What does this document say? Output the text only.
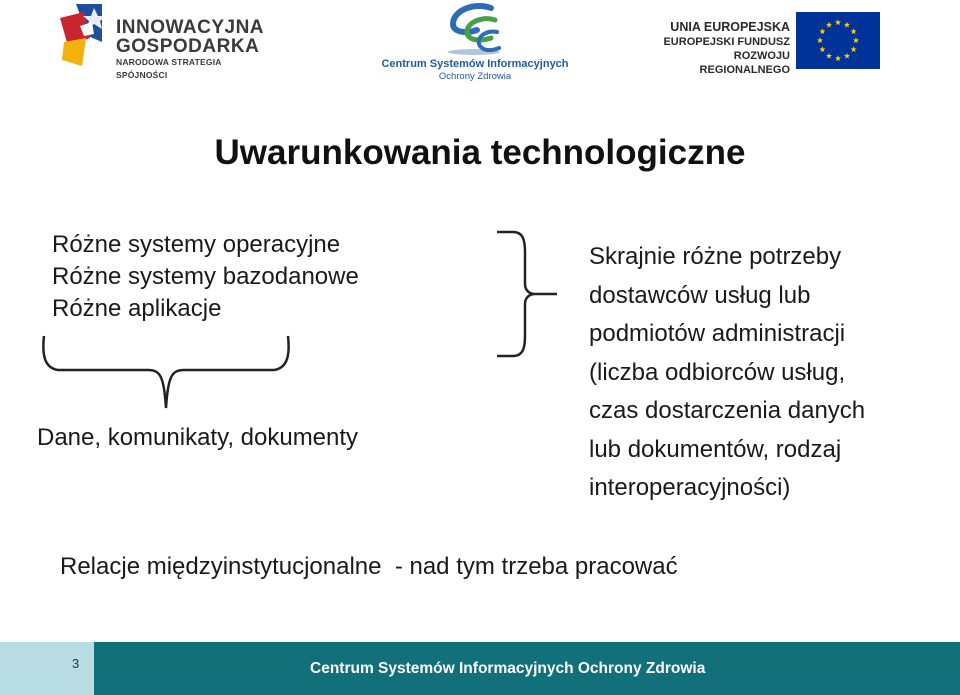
INNOWACYJNA
GOSPODARKA
NARODOWA STRATEGIA SPÓJNOŚCI
Centrum Systemów Informacyjnych
Ochrony Zdrowia
UNIA EUROPEJSKA
EUROPEJSKI FUNDUSZ
ROZWOJU REGIONALNEGO
Uwarunkowania technologiczne
Różne systemy operacyjne
Różne systemy bazodanowe
Różne aplikacje
Dane, komunikaty, dokumenty
Skrajnie różne potrzeby
dostawców usług lub
podmiotów administracji
(liczba odbiorców usług,
czas dostarczenia danych
lub dokumentów, rodzaj
interoperacyjności)
Relacje międzyinstytucjonalne  - nad tym trzeba pracować
3	Centrum Systemów Informacyjnych Ochrony Zdrowia
